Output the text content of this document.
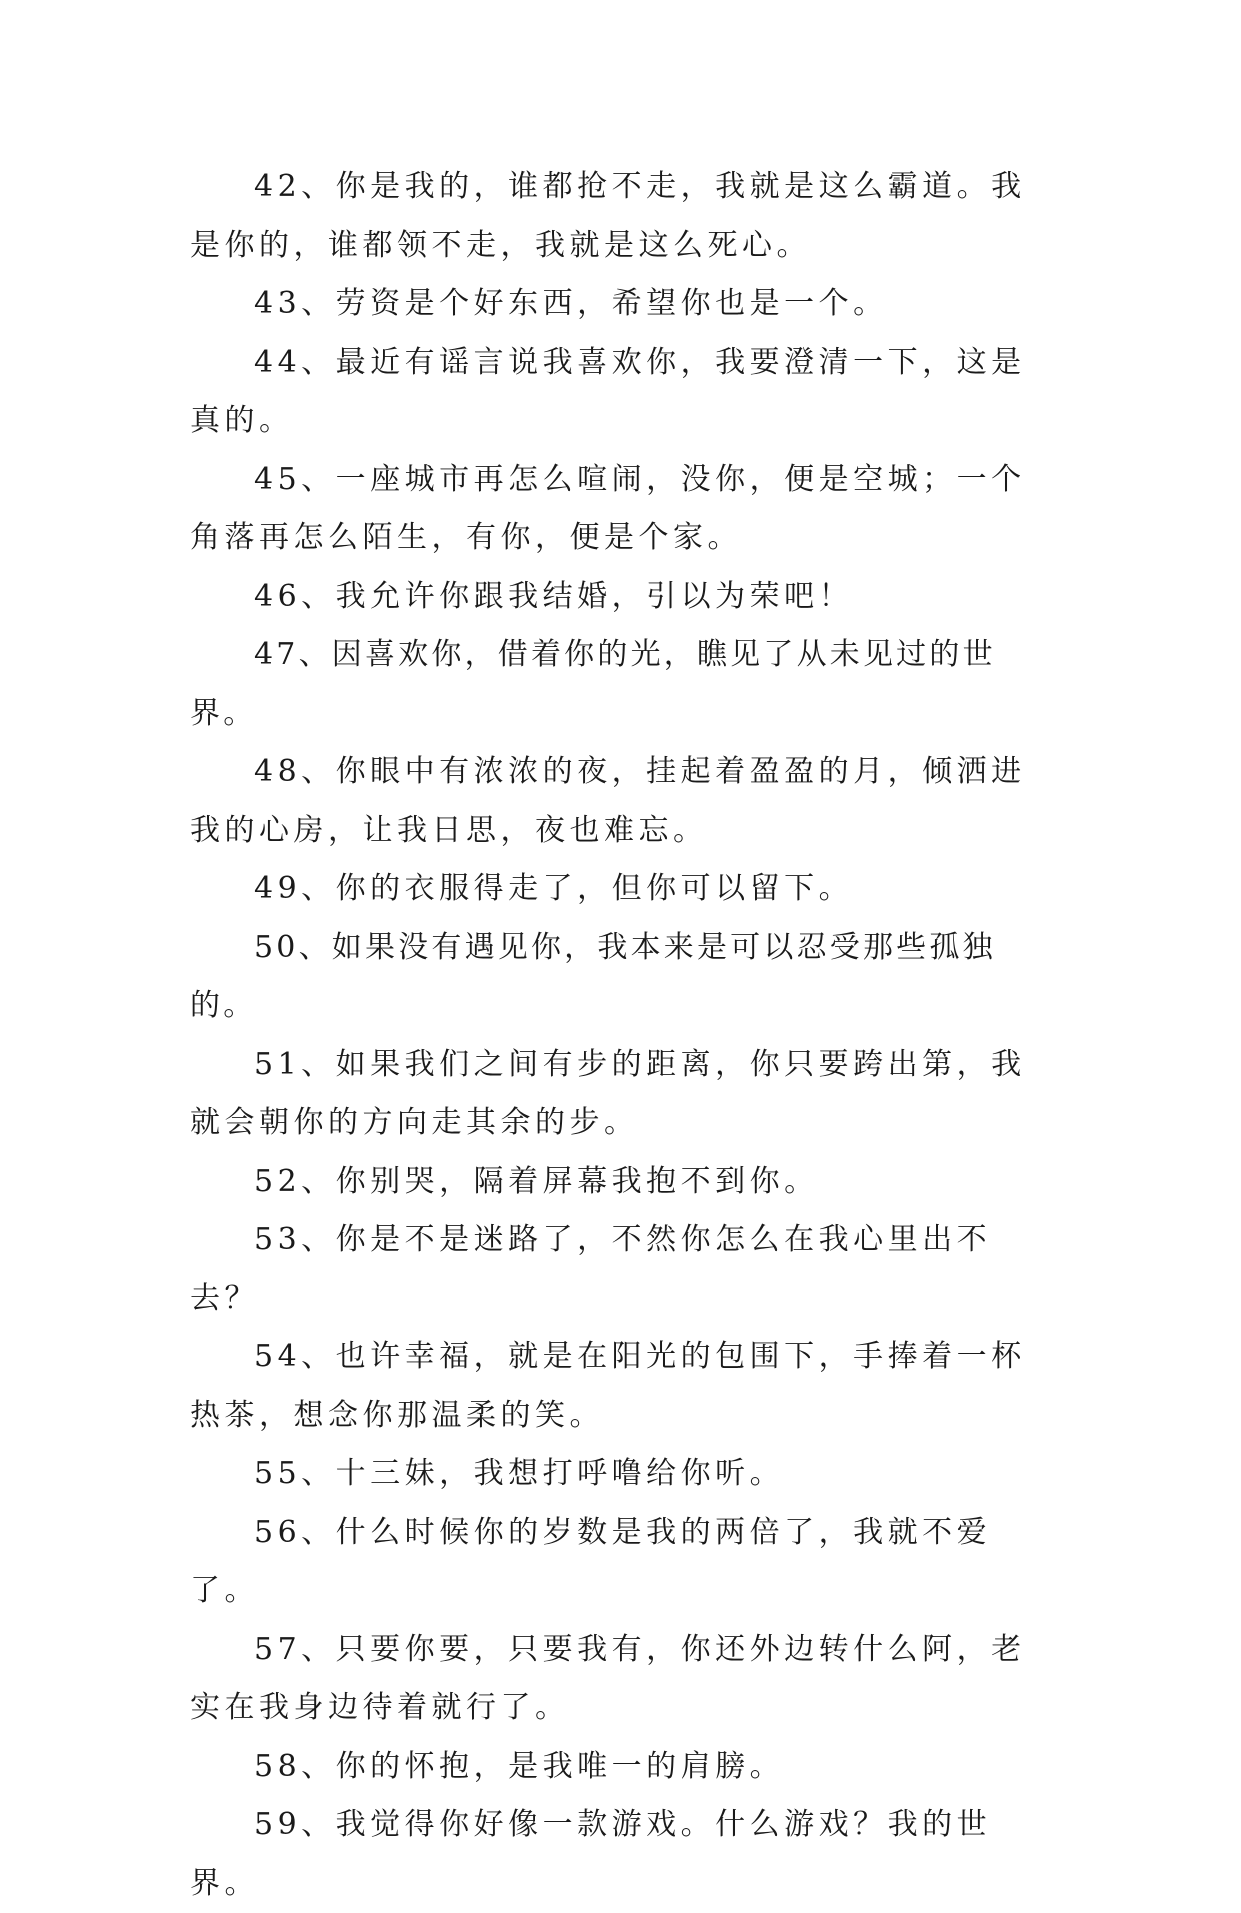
42、你是我的，谁都抢不走，我就是这么霸道。我是你的，谁都领不走，我就是这么死心。

43、劳资是个好东西，希望你也是一个。

44、最近有谣言说我喜欢你，我要澄清一下，这是真的。

45、一座城市再怎么喧闹，没你，便是空城；一个角落再怎么陌生，有你，便是个家。

46、我允许你跟我结婚，引以为荣吧！

47、因喜欢你，借着你的光，瞧见了从未见过的世界。

48、你眼中有浓浓的夜，挂起着盈盈的月，倾洒进我的心房，让我日思，夜也难忘。

49、你的衣服得走了，但你可以留下。

50、如果没有遇见你，我本来是可以忍受那些孤独的。

51、如果我们之间有步的距离，你只要跨出第，我就会朝你的方向走其余的步。

52、你别哭，隔着屏幕我抱不到你。

53、你是不是迷路了，不然你怎么在我心里出不去？

54、也许幸福，就是在阳光的包围下，手捧着一杯热茶，想念你那温柔的笑。

55、十三妹，我想打呼噜给你听。

56、什么时候你的岁数是我的两倍了，我就不爱了。

57、只要你要，只要我有，你还外边转什么阿，老实在我身边待着就行了。

58、你的怀抱，是我唯一的肩膀。

59、我觉得你好像一款游戏。什么游戏？我的世界。
